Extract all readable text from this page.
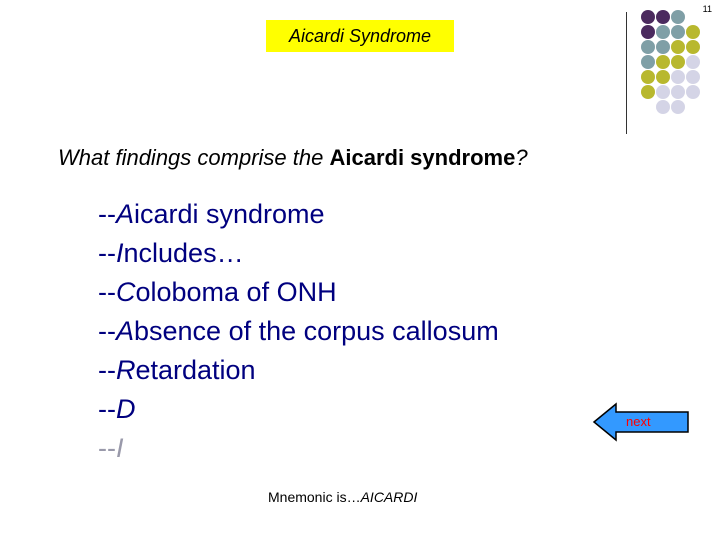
11
Aicardi Syndrome
What findings comprise the Aicardi syndrome?
--Aicardi syndrome
--Includes…
--Coloboma of ONH
--Absence of the corpus callosum
--Retardation
--D
--I
next
Mnemonic is…AICARDI
